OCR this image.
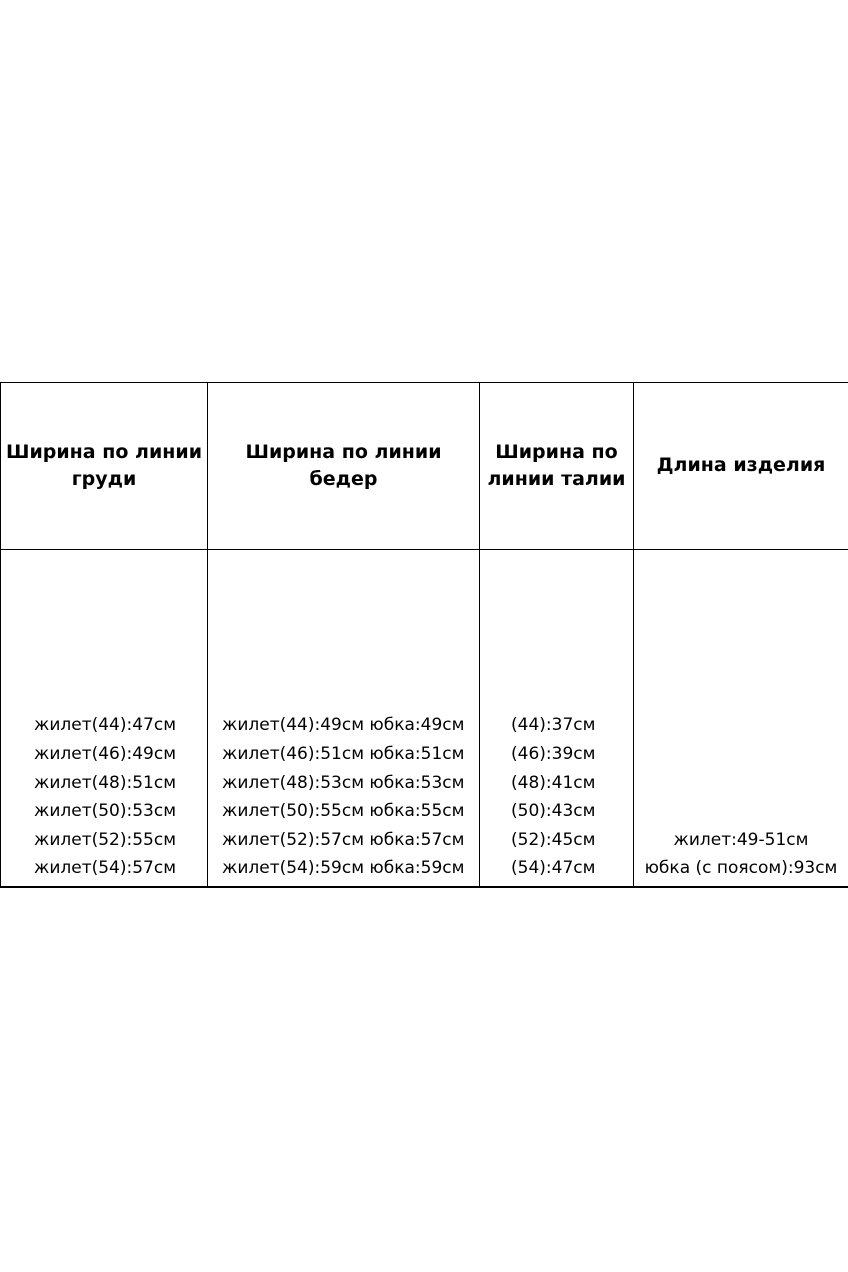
Ширина по линии груди
Ширина по линии бедер
Ширина по линии талии
Длина изделия
жилет(44):47см
жилет(46):49см
жилет(48):51см
жилет(50):53см
жилет(52):55см
жилет(54):57см
жилет(44):49см юбка:49см
жилет(46):51см юбка:51см
жилет(48):53см юбка:53см
жилет(50):55см юбка:55см
жилет(52):57см юбка:57см
жилет(54):59см юбка:59см
(44):37см
(46):39см
(48):41см
(50):43см
(52):45см
(54):47см
жилет:49-51см
юбка (с поясом):93см
